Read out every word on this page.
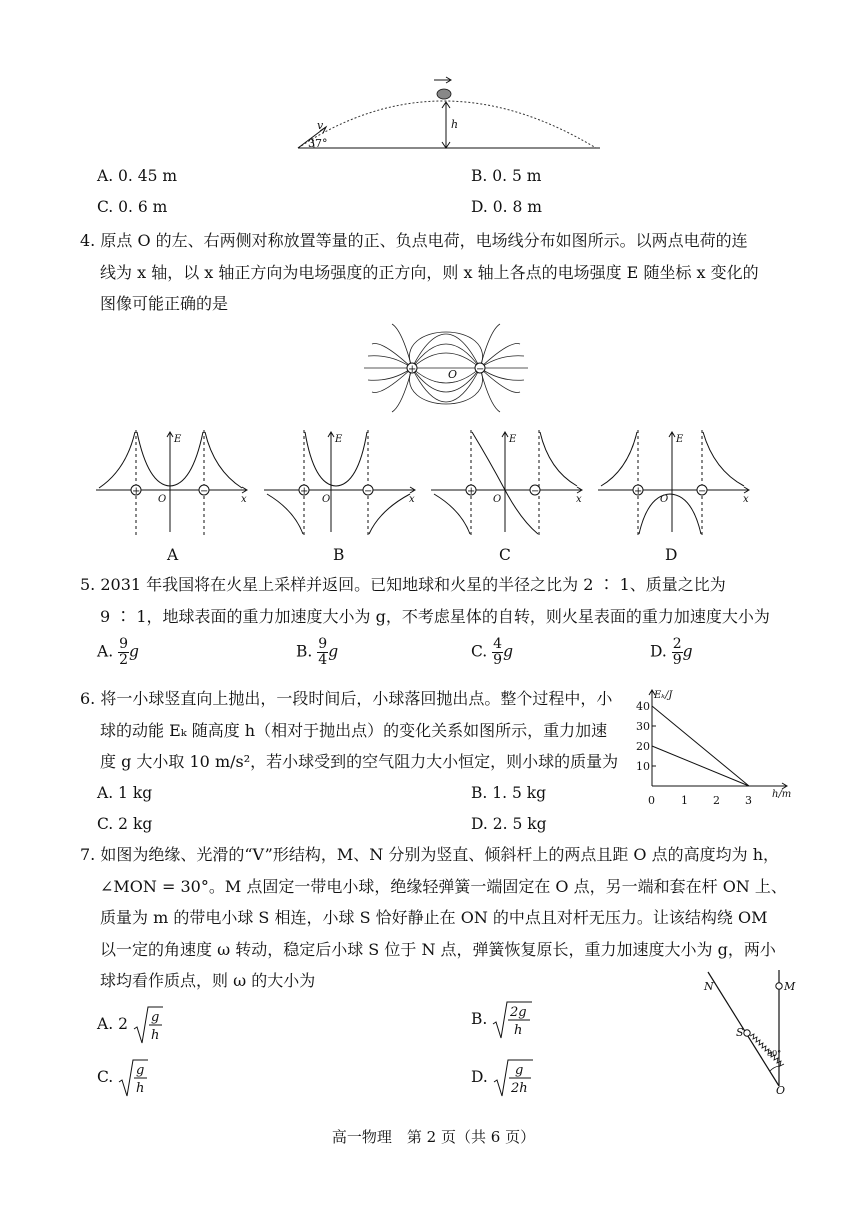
v	h
37°
A. 0. 45 m	B. 0. 5 m
C. 0. 6 m	D. 0. 8 m
4. 原点 O 的左、右两侧对称放置等量的正、负点电荷，电场线分布如图所示。以两点电荷的连
线为 x 轴，以 x 轴正方向为电场强度的正方向，则 x 轴上各点的电场强度 E 随坐标 x 变化的
图像可能正确的是
+	−
O
+	−
E
x
O
+	−
E
x
O
+	−
E
x
O
+	−
E
x
O
A	B	C	D
5. 2031 年我国将在火星上采样并返回。已知地球和火星的半径之比为 2 ∶ 1、质量之比为
9 ∶ 1，地球表面的重力加速度大小为 g，不考虑星体的自转，则火星表面的重力加速度大小为
A. $\frac{9}{2}$ g	B. $\frac{9}{4}$ g	C. $\frac{4}{9}$ g	D. $\frac{2}{9}$ g
6. 将一小球竖直向上抛出，一段时间后，小球落回抛出点。整个过程中，小
球的动能 Eₖ 随高度 h（相对于抛出点）的变化关系如图所示，重力加速
度 g 大小取 10 m/s²，若小球受到的空气阻力大小恒定，则小球的质量为
A. 1 kg	B. 1. 5 kg
C. 2 kg	D. 2. 5 kg
Eₖ/J
h/m
40
30
20
10
0 1 2 3
7. 如图为绝缘、光滑的“V”形结构，M、N 分别为竖直、倾斜杆上的两点且距 O 点的高度均为 h，
∠MON = 30°。M 点固定一带电小球，绝缘轻弹簧一端固定在 O 点，另一端和套在杆 ON 上、
质量为 m 的带电小球 S 相连，小球 S 恰好静止在 ON 的中点且对杆无压力。让该结构绕 OM
以一定的角速度 ω 转动，稳定后小球 S 位于 N 点，弹簧恢复原长，重力加速度大小为 g，两小
球均看作质点，则 ω 的大小为
A. 2 g
h
B. 2g
h
C. g
h
D. g
2h
N	M
S
O
30°
高一物理　第 2 页（共 6 页）
